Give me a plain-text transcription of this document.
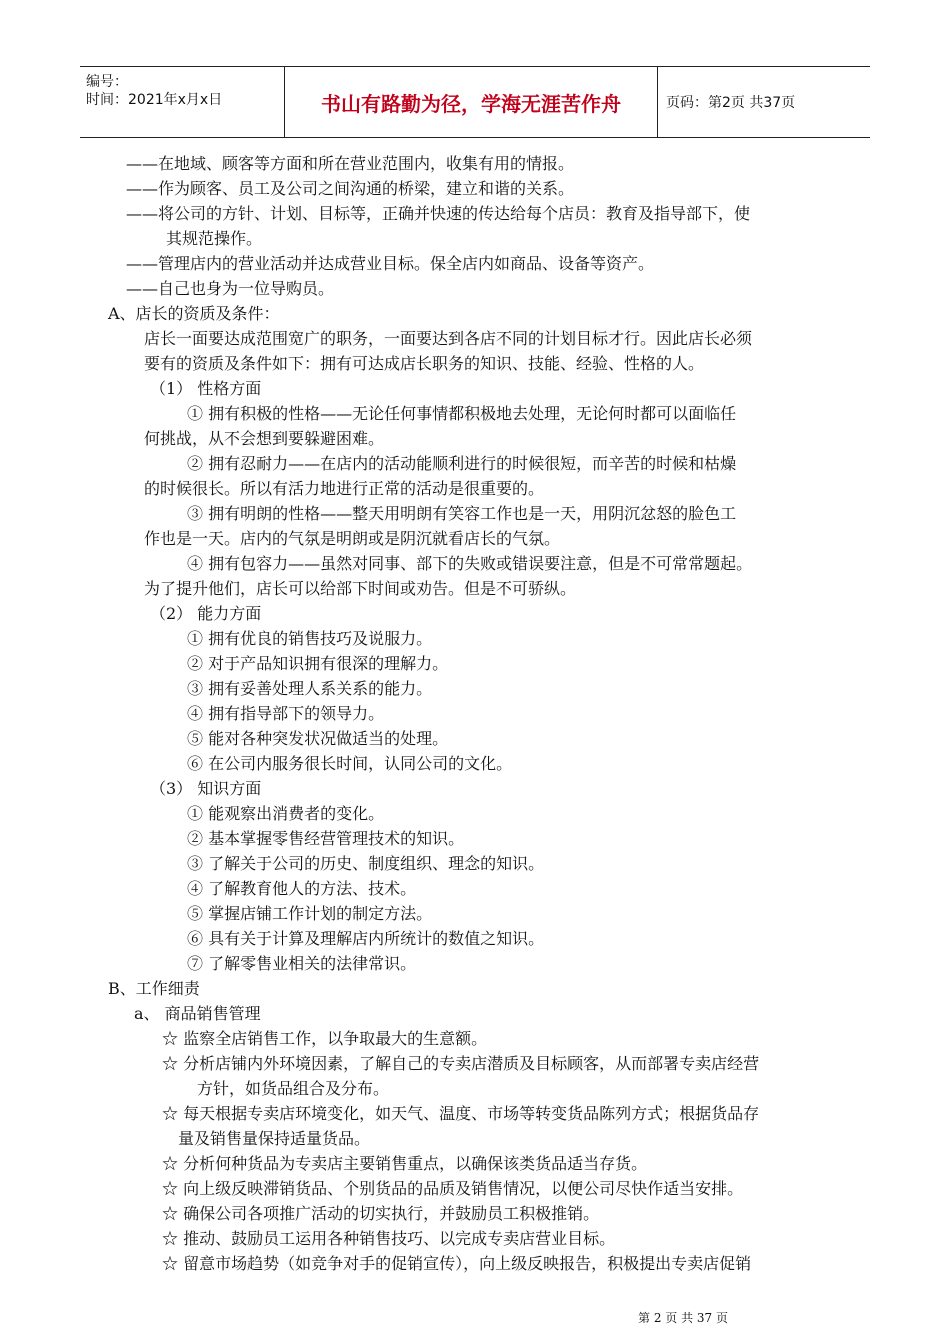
编号：
时间：2021年x月x日	书山有路勤为径，学海无涯苦作舟	页码：第2页 共37页
——在地域、顾客等方面和所在营业范围内，收集有用的情报。
——作为顾客、员工及公司之间沟通的桥梁，建立和谐的关系。
——将公司的方针、计划、目标等，正确并快速的传达给每个店员：教育及指导部下，使
其规范操作。
——管理店内的营业活动并达成营业目标。保全店内如商品、设备等资产。
——自己也身为一位导购员。
A、店长的资质及条件：
店长一面要达成范围宽广的职务，一面要达到各店不同的计划目标才行。因此店长必须
要有的资质及条件如下：拥有可达成店长职务的知识、技能、经验、性格的人。
（1） 性格方面
① 拥有积极的性格——无论任何事情都积极地去处理，无论何时都可以面临任
何挑战，从不会想到要躲避困难。
② 拥有忍耐力——在店内的活动能顺利进行的时候很短，而辛苦的时候和枯燥
的时候很长。所以有活力地进行正常的活动是很重要的。
③ 拥有明朗的性格——整天用明朗有笑容工作也是一天，用阴沉忿怒的脸色工
作也是一天。店内的气氛是明朗或是阴沉就看店长的气氛。
④ 拥有包容力——虽然对同事、部下的失败或错误要注意，但是不可常常题起。
为了提升他们，店长可以给部下时间或劝告。但是不可骄纵。
（2） 能力方面
① 拥有优良的销售技巧及说服力。
② 对于产品知识拥有很深的理解力。
③ 拥有妥善处理人系关系的能力。
④ 拥有指导部下的领导力。
⑤ 能对各种突发状况做适当的处理。
⑥ 在公司内服务很长时间，认同公司的文化。
（3） 知识方面
① 能观察出消费者的变化。
② 基本掌握零售经营管理技术的知识。
③ 了解关于公司的历史、制度组织、理念的知识。
④ 了解教育他人的方法、技术。
⑤ 掌握店铺工作计划的制定方法。
⑥ 具有关于计算及理解店内所统计的数值之知识。
⑦ 了解零售业相关的法律常识。
B、工作细责
a、 商品销售管理
☆ 监察全店销售工作，以争取最大的生意额。
☆ 分析店铺内外环境因素，了解自己的专卖店潜质及目标顾客，从而部署专卖店经营
方针，如货品组合及分布。
☆ 每天根据专卖店环境变化，如天气、温度、市场等转变货品陈列方式；根据货品存
量及销售量保持适量货品。
☆ 分析何种货品为专卖店主要销售重点，以确保该类货品适当存货。
☆ 向上级反映滞销货品、个别货品的品质及销售情况，以便公司尽快作适当安排。
☆ 确保公司各项推广活动的切实执行，并鼓励员工积极推销。
☆ 推动、鼓励员工运用各种销售技巧、以完成专卖店营业目标。
☆ 留意市场趋势（如竞争对手的促销宣传），向上级反映报告，积极提出专卖店促销
第 2 页 共 37 页
